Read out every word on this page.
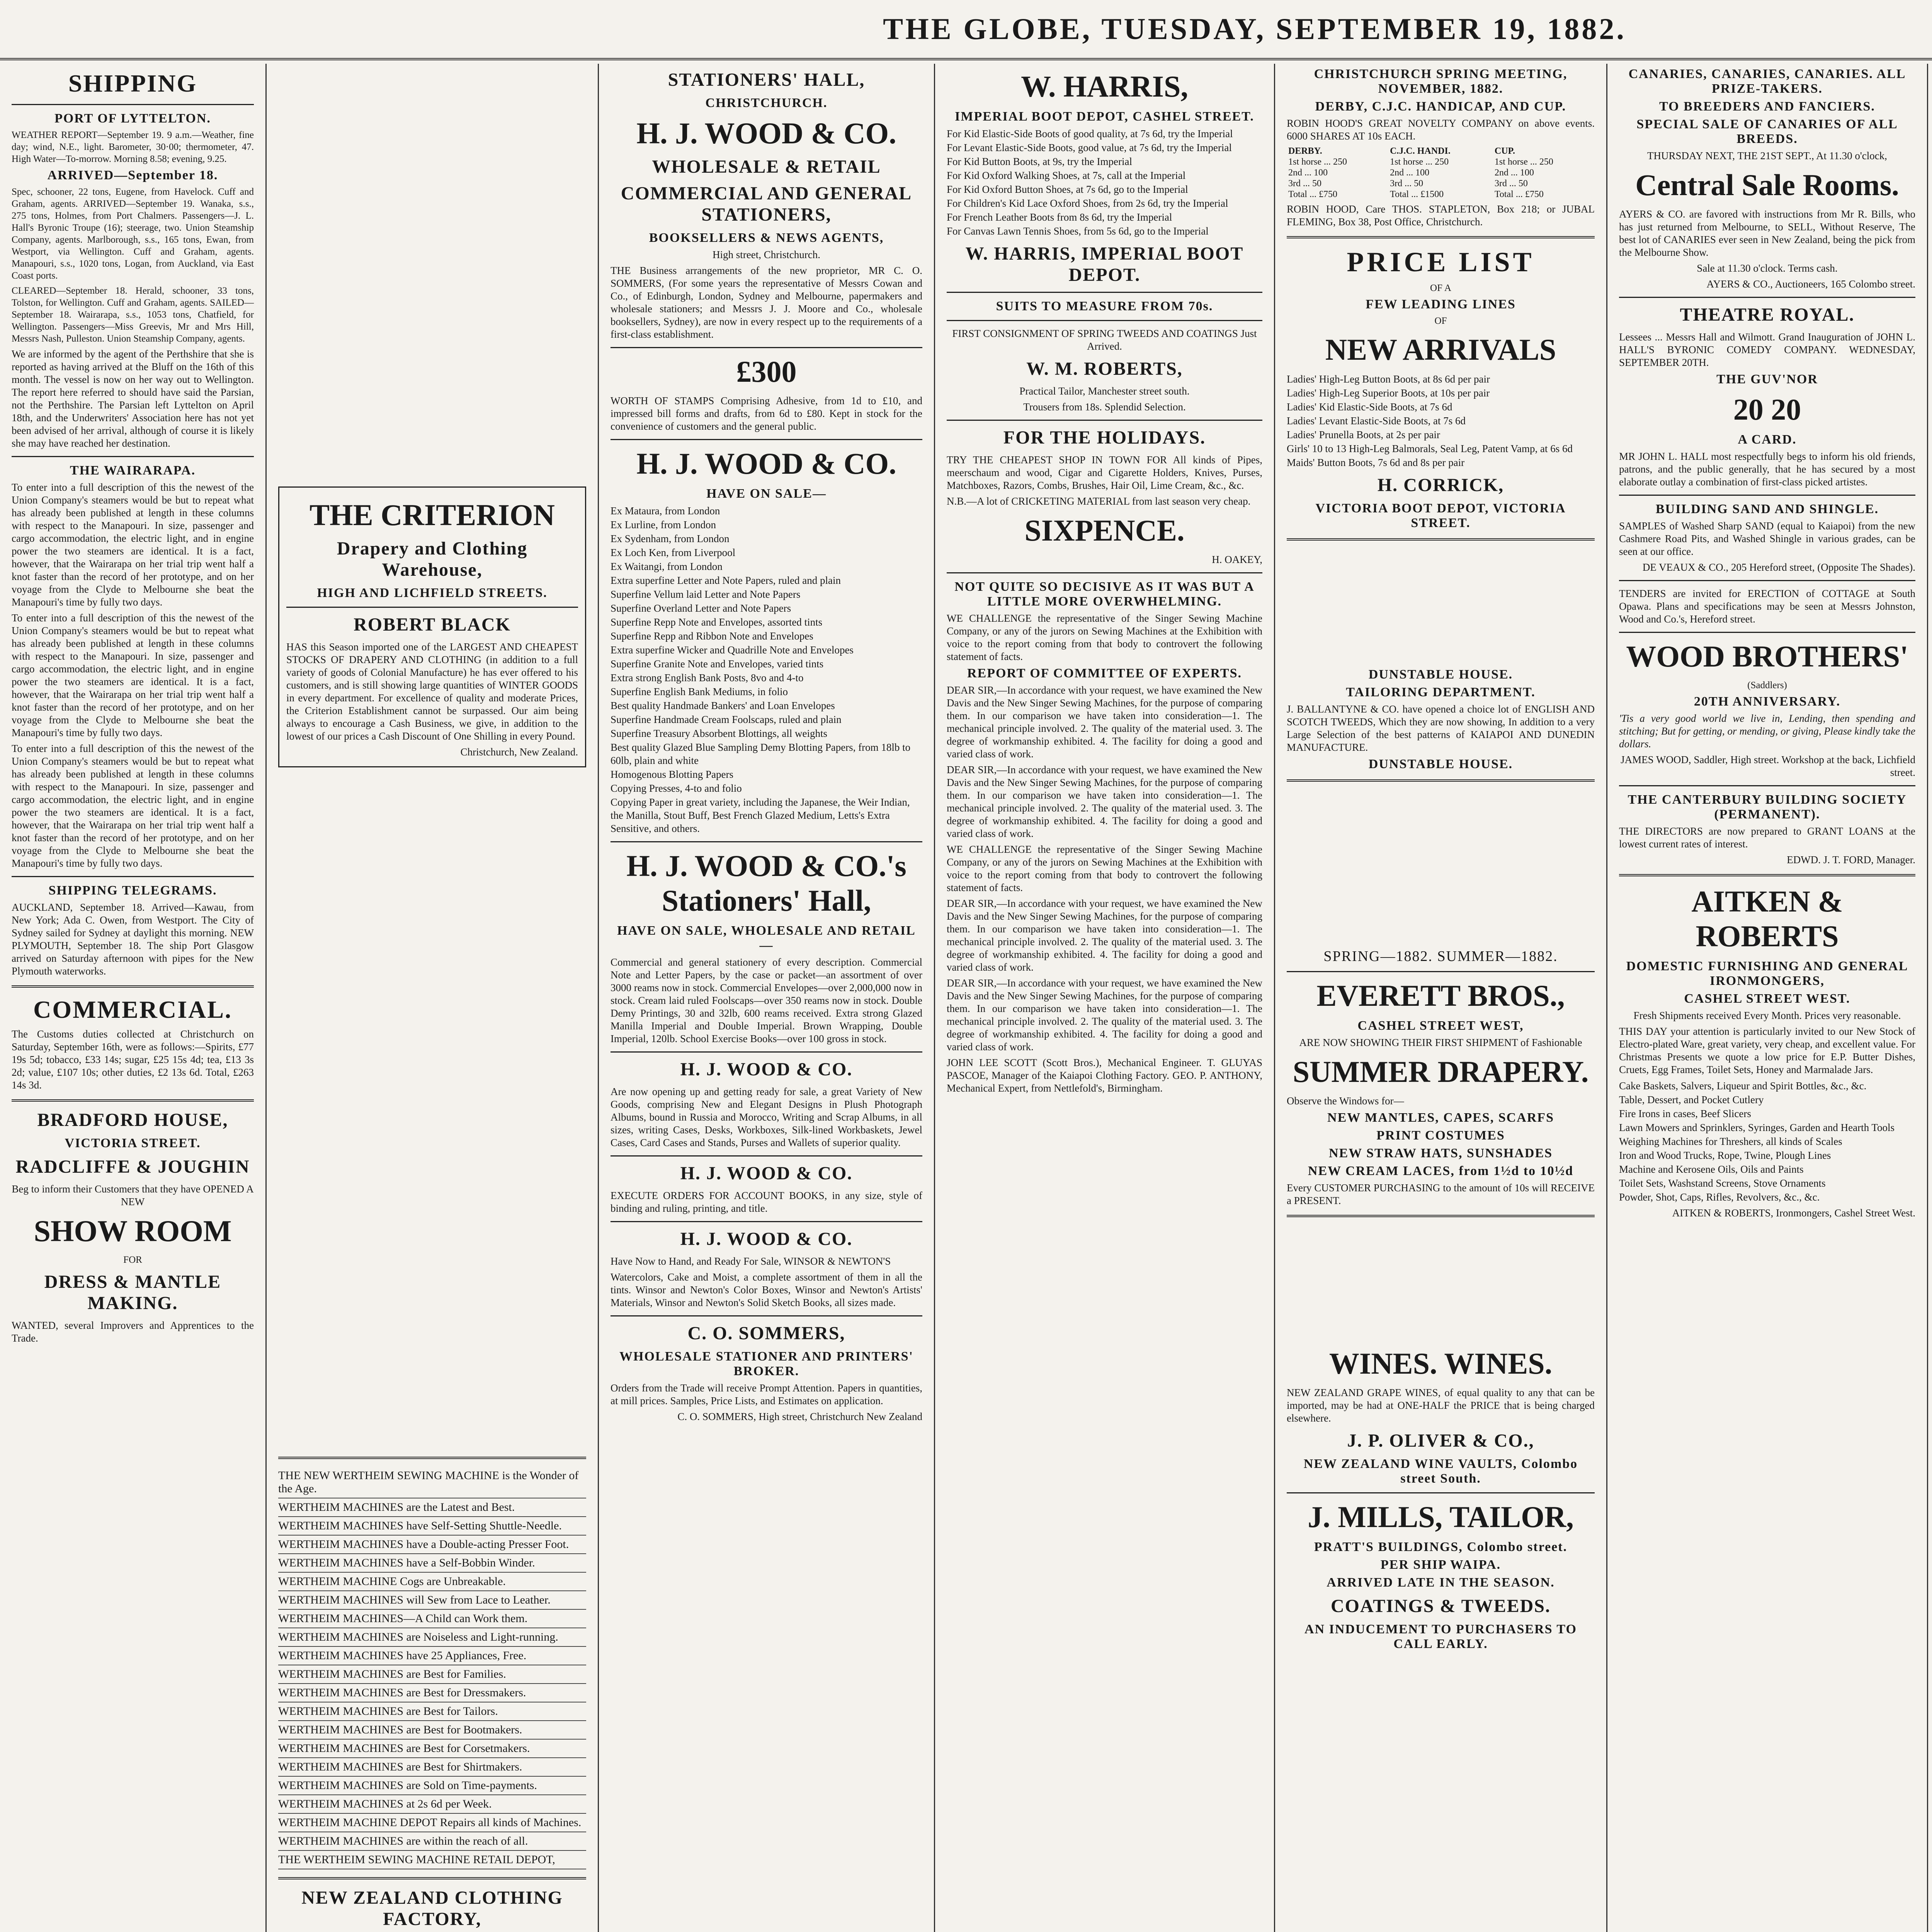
THE GLOBE, TUESDAY, SEPTEMBER 19, 1882.
SHIPPING
PORT OF LYTTELTON.
WEATHER REPORT—September 19. 9 a.m.—Weather, fine day; wind, N.E., light. Barometer, 30·00; thermometer, 47. High Water—To-morrow. Morning 8.58; evening, 9.25.
ARRIVED—September 18.
Spec, schooner, 22 tons, Eugene, from Havelock. Cuff and Graham, agents. ARRIVED—September 19. Wanaka, s.s., 275 tons, Holmes, from Port Chalmers. Passengers—J. L. Hall's Byronic Troupe (16); steerage, two. Union Steamship Company, agents. Marlborough, s.s., 165 tons, Ewan, from Westport, via Wellington. Cuff and Graham, agents. Manapouri, s.s., 1020 tons, Logan, from Auckland, via East Coast ports.
CLEARED—September 18. Herald, schooner, 33 tons, Tolston, for Wellington. Cuff and Graham, agents. SAILED—September 18. Wairarapa, s.s., 1053 tons, Chatfield, for Wellington. Passengers—Miss Greevis, Mr and Mrs Hill, Messrs Nash, Pulleston. Union Steamship Company, agents.
We are informed by the agent of the Perthshire that she is reported as having arrived at the Bluff on the 16th of this month. The vessel is now on her way out to Wellington. The report here referred to should have said the Parsian, not the Perthshire. The Parsian left Lyttelton on April 18th, and the Underwriters' Association here has not yet been advised of her arrival, although of course it is likely she may have reached her destination.
THE WAIRARAPA.
To enter into a full description of this the newest of the Union Company's steamers would be but to repeat what has already been published at length in these columns with respect to the Manapouri. In size, passenger and cargo accommodation, the electric light, and in engine power the two steamers are identical. It is a fact, however, that the Wairarapa on her trial trip went half a knot faster than the record of her prototype, and on her voyage from the Clyde to Melbourne she beat the Manapouri's time by fully two days.
To enter into a full description of this the newest of the Union Company's steamers would be but to repeat what has already been published at length in these columns with respect to the Manapouri. In size, passenger and cargo accommodation, the electric light, and in engine power the two steamers are identical. It is a fact, however, that the Wairarapa on her trial trip went half a knot faster than the record of her prototype, and on her voyage from the Clyde to Melbourne she beat the Manapouri's time by fully two days.
To enter into a full description of this the newest of the Union Company's steamers would be but to repeat what has already been published at length in these columns with respect to the Manapouri. In size, passenger and cargo accommodation, the electric light, and in engine power the two steamers are identical. It is a fact, however, that the Wairarapa on her trial trip went half a knot faster than the record of her prototype, and on her voyage from the Clyde to Melbourne she beat the Manapouri's time by fully two days.
SHIPPING TELEGRAMS.
AUCKLAND, September 18. Arrived—Kawau, from New York; Ada C. Owen, from Westport. The City of Sydney sailed for Sydney at daylight this morning. NEW PLYMOUTH, September 18. The ship Port Glasgow arrived on Saturday afternoon with pipes for the New Plymouth waterworks.
COMMERCIAL.
The Customs duties collected at Christchurch on Saturday, September 16th, were as follows:—Spirits, £77 19s 5d; tobacco, £33 14s; sugar, £25 15s 4d; tea, £13 3s 2d; value, £107 10s; other duties, £2 13s 6d. Total, £263 14s 3d.
BRADFORD HOUSE,
VICTORIA STREET.
RADCLIFFE & JOUGHIN
Beg to inform their Customers that they have OPENED A NEW
SHOW ROOM
FOR
DRESS & MANTLE MAKING.
WANTED, several Improvers and Apprentices to the Trade.
THE CRITERION
Drapery and Clothing Warehouse,
HIGH AND LICHFIELD STREETS.
ROBERT BLACK
HAS this Season imported one of the LARGEST AND CHEAPEST STOCKS OF DRAPERY AND CLOTHING (in addition to a full variety of goods of Colonial Manufacture) he has ever offered to his customers, and is still showing large quantities of WINTER GOODS in every department. For excellence of quality and moderate Prices, the Criterion Establishment cannot be surpassed. Our aim being always to encourage a Cash Business, we give, in addition to the lowest of our prices a Cash Discount of One Shilling in every Pound.
Christchurch, New Zealand.
THE NEW WERTHEIM SEWING MACHINE is the Wonder of the Age.
WERTHEIM MACHINES are the Latest and Best.
WERTHEIM MACHINES have Self-Setting Shuttle-Needle.
WERTHEIM MACHINES have a Double-acting Presser Foot.
WERTHEIM MACHINES have a Self-Bobbin Winder.
WERTHEIM MACHINE Cogs are Unbreakable.
WERTHEIM MACHINES will Sew from Lace to Leather.
WERTHEIM MACHINES—A Child can Work them.
WERTHEIM MACHINES are Noiseless and Light-running.
WERTHEIM MACHINES have 25 Appliances, Free.
WERTHEIM MACHINES are Best for Families.
WERTHEIM MACHINES are Best for Dressmakers.
WERTHEIM MACHINES are Best for Tailors.
WERTHEIM MACHINES are Best for Bootmakers.
WERTHEIM MACHINES are Best for Corsetmakers.
WERTHEIM MACHINES are Best for Shirtmakers.
WERTHEIM MACHINES are Sold on Time-payments.
WERTHEIM MACHINES at 2s 6d per Week.
WERTHEIM MACHINE DEPOT Repairs all kinds of Machines.
WERTHEIM MACHINES are within the reach of all.
THE WERTHEIM SEWING MACHINE RETAIL DEPOT,
NEW ZEALAND CLOTHING FACTORY,
STATIONERS' HALL,
CHRISTCHURCH.
H. J. WOOD & CO.
WHOLESALE & RETAIL
COMMERCIAL AND GENERAL STATIONERS,
BOOKSELLERS & NEWS AGENTS,
High street, Christchurch.
THE Business arrangements of the new proprietor, MR C. O. SOMMERS, (For some years the representative of Messrs Cowan and Co., of Edinburgh, London, Sydney and Melbourne, papermakers and wholesale stationers; and Messrs J. J. Moore and Co., wholesale booksellers, Sydney), are now in every respect up to the requirements of a first-class establishment.
£300
WORTH OF STAMPS Comprising Adhesive, from 1d to £10, and impressed bill forms and drafts, from 6d to £80. Kept in stock for the convenience of customers and the general public.
H. J. WOOD & CO.
HAVE ON SALE—
Ex Mataura, from London
Ex Lurline, from London
Ex Sydenham, from London
Ex Loch Ken, from Liverpool
Ex Waitangi, from London
Extra superfine Letter and Note Papers, ruled and plain
Superfine Vellum laid Letter and Note Papers
Superfine Overland Letter and Note Papers
Superfine Repp Note and Envelopes, assorted tints
Superfine Repp and Ribbon Note and Envelopes
Extra superfine Wicker and Quadrille Note and Envelopes
Superfine Granite Note and Envelopes, varied tints
Extra strong English Bank Posts, 8vo and 4-to
Superfine English Bank Mediums, in folio
Best quality Handmade Bankers' and Loan Envelopes
Superfine Handmade Cream Foolscaps, ruled and plain
Superfine Treasury Absorbent Blottings, all weights
Best quality Glazed Blue Sampling Demy Blotting Papers, from 18lb to 60lb, plain and white
Homogenous Blotting Papers
Copying Presses, 4-to and folio
Copying Paper in great variety, including the Japanese, the Weir Indian, the Manilla, Stout Buff, Best French Glazed Medium, Letts's Extra Sensitive, and others.
H. J. WOOD & CO.'s Stationers' Hall,
HAVE ON SALE, WHOLESALE AND RETAIL—
Commercial and general stationery of every description. Commercial Note and Letter Papers, by the case or packet—an assortment of over 3000 reams now in stock. Commercial Envelopes—over 2,000,000 now in stock. Cream laid ruled Foolscaps—over 350 reams now in stock. Double Demy Printings, 30 and 32lb, 600 reams received. Extra strong Glazed Manilla Imperial and Double Imperial. Brown Wrapping, Double Imperial, 120lb. School Exercise Books—over 100 gross in stock.
H. J. WOOD & CO.
Are now opening up and getting ready for sale, a great Variety of New Goods, comprising New and Elegant Designs in Plush Photograph Albums, bound in Russia and Morocco, Writing and Scrap Albums, in all sizes, writing Cases, Desks, Workboxes, Silk-lined Workbaskets, Jewel Cases, Card Cases and Stands, Purses and Wallets of superior quality.
H. J. WOOD & CO.
EXECUTE ORDERS FOR ACCOUNT BOOKS, in any size, style of binding and ruling, printing, and title.
H. J. WOOD & CO.
Have Now to Hand, and Ready For Sale, WINSOR & NEWTON'S
Watercolors, Cake and Moist, a complete assortment of them in all the tints. Winsor and Newton's Color Boxes, Winsor and Newton's Artists' Materials, Winsor and Newton's Solid Sketch Books, all sizes made.
C. O. SOMMERS,
WHOLESALE STATIONER AND PRINTERS' BROKER.
Orders from the Trade will receive Prompt Attention. Papers in quantities, at mill prices. Samples, Price Lists, and Estimates on application.
C. O. SOMMERS, High street, Christchurch New Zealand
W. HARRIS,
IMPERIAL BOOT DEPOT, CASHEL STREET.
For Kid Elastic-Side Boots of good quality, at 7s 6d, try the Imperial
For Levant Elastic-Side Boots, good value, at 7s 6d, try the Imperial
For Kid Button Boots, at 9s, try the Imperial
For Kid Oxford Walking Shoes, at 7s, call at the Imperial
For Kid Oxford Button Shoes, at 7s 6d, go to the Imperial
For Children's Kid Lace Oxford Shoes, from 2s 6d, try the Imperial
For French Leather Boots from 8s 6d, try the Imperial
For Canvas Lawn Tennis Shoes, from 5s 6d, go to the Imperial
W. HARRIS, IMPERIAL BOOT DEPOT.
SUITS TO MEASURE FROM 70s.
FIRST CONSIGNMENT OF SPRING TWEEDS AND COATINGS Just Arrived.
W. M. ROBERTS,
Practical Tailor, Manchester street south.
Trousers from 18s. Splendid Selection.
FOR THE HOLIDAYS.
TRY THE CHEAPEST SHOP IN TOWN FOR All kinds of Pipes, meerschaum and wood, Cigar and Cigarette Holders, Knives, Purses, Matchboxes, Razors, Combs, Brushes, Hair Oil, Lime Cream, &c., &c.
N.B.—A lot of CRICKETING MATERIAL from last season very cheap.
SIXPENCE.
H. OAKEY,
NOT QUITE SO DECISIVE AS IT WAS BUT A LITTLE MORE OVERWHELMING.
WE CHALLENGE the representative of the Singer Sewing Machine Company, or any of the jurors on Sewing Machines at the Exhibition with voice to the report coming from that body to controvert the following statement of facts.
REPORT OF COMMITTEE OF EXPERTS.
DEAR SIR,—In accordance with your request, we have examined the New Davis and the New Singer Sewing Machines, for the purpose of comparing them. In our comparison we have taken into consideration—1. The mechanical principle involved. 2. The quality of the material used. 3. The degree of workmanship exhibited. 4. The facility for doing a good and varied class of work.
DEAR SIR,—In accordance with your request, we have examined the New Davis and the New Singer Sewing Machines, for the purpose of comparing them. In our comparison we have taken into consideration—1. The mechanical principle involved. 2. The quality of the material used. 3. The degree of workmanship exhibited. 4. The facility for doing a good and varied class of work.
WE CHALLENGE the representative of the Singer Sewing Machine Company, or any of the jurors on Sewing Machines at the Exhibition with voice to the report coming from that body to controvert the following statement of facts.
DEAR SIR,—In accordance with your request, we have examined the New Davis and the New Singer Sewing Machines, for the purpose of comparing them. In our comparison we have taken into consideration—1. The mechanical principle involved. 2. The quality of the material used. 3. The degree of workmanship exhibited. 4. The facility for doing a good and varied class of work.
DEAR SIR,—In accordance with your request, we have examined the New Davis and the New Singer Sewing Machines, for the purpose of comparing them. In our comparison we have taken into consideration—1. The mechanical principle involved. 2. The quality of the material used. 3. The degree of workmanship exhibited. 4. The facility for doing a good and varied class of work.
JOHN LEE SCOTT (Scott Bros.), Mechanical Engineer. T. GLUYAS PASCOE, Manager of the Kaiapoi Clothing Factory. GEO. P. ANTHONY, Mechanical Expert, from Nettlefold's, Birmingham.
CHRISTCHURCH SPRING MEETING, NOVEMBER, 1882.
DERBY, C.J.C. HANDICAP, AND CUP.
ROBIN HOOD'S GREAT NOVELTY COMPANY on above events. 6000 SHARES AT 10s EACH.
DERBY.	C.J.C. HANDI.	CUP.
1st horse ... 250	1st horse ... 250	1st horse ... 250
2nd ... 100	2nd ... 100	2nd ... 100
3rd ... 50	3rd ... 50	3rd ... 50
Total ... £750	Total ... £1500	Total ... £750
ROBIN HOOD, Care THOS. STAPLETON, Box 218; or JUBAL FLEMING, Box 38, Post Office, Christchurch.
PRICE LIST
OF A
FEW LEADING LINES
OF
NEW ARRIVALS
Ladies' High-Leg Button Boots, at 8s 6d per pair
Ladies' High-Leg Superior Boots, at 10s per pair
Ladies' Kid Elastic-Side Boots, at 7s 6d
Ladies' Levant Elastic-Side Boots, at 7s 6d
Ladies' Prunella Boots, at 2s per pair
Girls' 10 to 13 High-Leg Balmorals, Seal Leg, Patent Vamp, at 6s 6d
Maids' Button Boots, 7s 6d and 8s per pair
H. CORRICK,
VICTORIA BOOT DEPOT, VICTORIA STREET.
DUNSTABLE HOUSE.
TAILORING DEPARTMENT.
J. BALLANTYNE & CO. have opened a choice lot of ENGLISH AND SCOTCH TWEEDS, Which they are now showing, In addition to a very Large Selection of the best patterns of KAIAPOI AND DUNEDIN MANUFACTURE.
DUNSTABLE HOUSE.
SPRING—1882. SUMMER—1882.
EVERETT BROS.,
CASHEL STREET WEST,
ARE NOW SHOWING THEIR FIRST SHIPMENT of Fashionable
SUMMER DRAPERY.
Observe the Windows for—
NEW MANTLES, CAPES, SCARFS
PRINT COSTUMES
NEW STRAW HATS, SUNSHADES
NEW CREAM LACES, from 1½d to 10½d
Every CUSTOMER PURCHASING to the amount of 10s will RECEIVE a PRESENT.
WINES. WINES.
NEW ZEALAND GRAPE WINES, of equal quality to any that can be imported, may be had at ONE-HALF the PRICE that is being charged elsewhere.
J. P. OLIVER & CO.,
NEW ZEALAND WINE VAULTS, Colombo street South.
J. MILLS, TAILOR,
PRATT'S BUILDINGS, Colombo street.
PER SHIP WAIPA.
ARRIVED LATE IN THE SEASON.
COATINGS & TWEEDS.
AN INDUCEMENT TO PURCHASERS TO CALL EARLY.
CANARIES, CANARIES, CANARIES. ALL PRIZE-TAKERS.
TO BREEDERS AND FANCIERS.
SPECIAL SALE OF CANARIES OF ALL BREEDS.
THURSDAY NEXT, THE 21ST SEPT., At 11.30 o'clock,
Central Sale Rooms.
AYERS & CO. are favored with instructions from Mr R. Bills, who has just returned from Melbourne, to SELL, Without Reserve, The best lot of CANARIES ever seen in New Zealand, being the pick from the Melbourne Show.
Sale at 11.30 o'clock. Terms cash.
AYERS & CO., Auctioneers, 165 Colombo street.
THEATRE ROYAL.
Lessees ... Messrs Hall and Wilmott. Grand Inauguration of JOHN L. HALL'S BYRONIC COMEDY COMPANY. WEDNESDAY, SEPTEMBER 20TH.
THE GUV'NOR
20 20
A CARD.
MR JOHN L. HALL most respectfully begs to inform his old friends, patrons, and the public generally, that he has secured by a most elaborate outlay a combination of first-class picked artistes.
BUILDING SAND AND SHINGLE.
SAMPLES of Washed Sharp SAND (equal to Kaiapoi) from the new Cashmere Road Pits, and Washed Shingle in various grades, can be seen at our office.
DE VEAUX & CO., 205 Hereford street, (Opposite The Shades).
TENDERS are invited for ERECTION of COTTAGE at South Opawa. Plans and specifications may be seen at Messrs Johnston, Wood and Co.'s, Hereford street.
WOOD BROTHERS'
(Saddlers)
20TH ANNIVERSARY.
'Tis a very good world we live in, Lending, then spending and stitching; But for getting, or mending, or giving, Please kindly take the dollars.
JAMES WOOD, Saddler, High street. Workshop at the back, Lichfield street.
THE CANTERBURY BUILDING SOCIETY (PERMANENT).
THE DIRECTORS are now prepared to GRANT LOANS at the lowest current rates of interest.
EDWD. J. T. FORD, Manager.
AITKEN & ROBERTS
DOMESTIC FURNISHING AND GENERAL IRONMONGERS,
CASHEL STREET WEST.
Fresh Shipments received Every Month. Prices very reasonable.
THIS DAY your attention is particularly invited to our New Stock of Electro-plated Ware, great variety, very cheap, and excellent value. For Christmas Presents we quote a low price for E.P. Butter Dishes, Cruets, Egg Frames, Toilet Sets, Honey and Marmalade Jars.
Cake Baskets, Salvers, Liqueur and Spirit Bottles, &c., &c.
Table, Dessert, and Pocket Cutlery
Fire Irons in cases, Beef Slicers
Lawn Mowers and Sprinklers, Syringes, Garden and Hearth Tools
Weighing Machines for Threshers, all kinds of Scales
Iron and Wood Trucks, Rope, Twine, Plough Lines
Machine and Kerosene Oils, Oils and Paints
Toilet Sets, Washstand Screens, Stove Ornaments
Powder, Shot, Caps, Rifles, Revolvers, &c., &c.
AITKEN & ROBERTS, Ironmongers, Cashel Street West.
